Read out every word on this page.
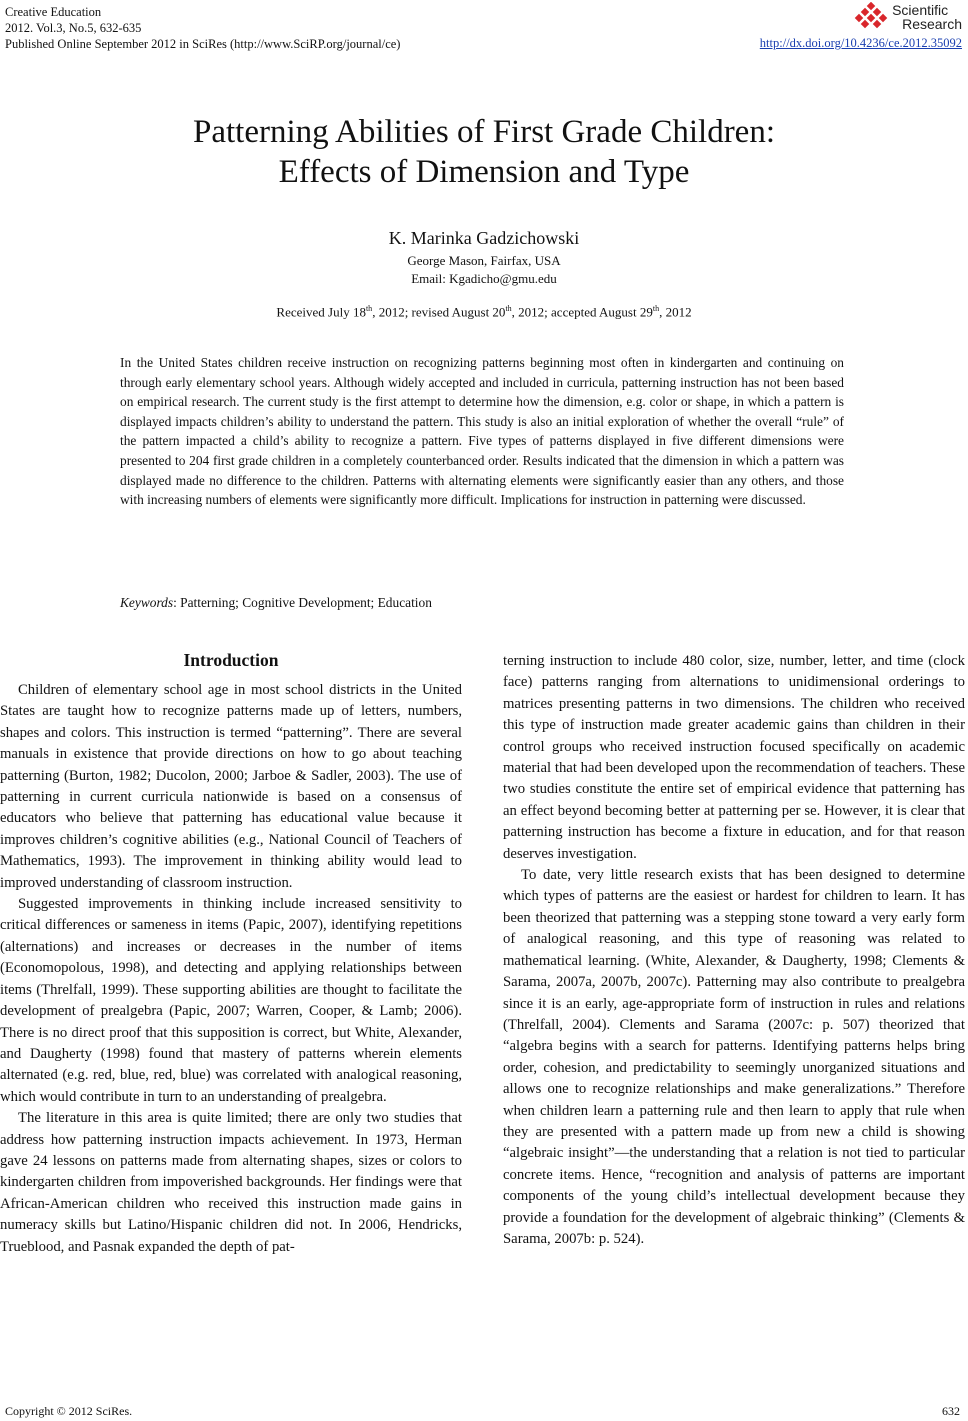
Creative Education
2012. Vol.3, No.5, 632-635
Published Online September 2012 in SciRes (http://www.SciRP.org/journal/ce)	http://dx.doi.org/10.4236/ce.2012.35092
Scientific
Research
Patterning Abilities of First Grade Children:
Effects of Dimension and Type
K. Marinka Gadzichowski
George Mason, Fairfax, USA
Email: Kgadicho@gmu.edu
Received July 18th, 2012; revised August 20th, 2012; accepted August 29th, 2012

In the United States children receive instruction on recognizing patterns beginning most often in kindergarten and continuing on through early elementary school years. Although widely accepted and included in curricula, patterning instruction has not been based on empirical research. The current study is the first attempt to determine how the dimension, e.g. color or shape, in which a pattern is displayed impacts children’s ability to understand the pattern. This study is also an initial exploration of whether the overall “rule” of the pattern impacted a child’s ability to recognize a pattern. Five types of patterns displayed in five different dimensions were presented to 204 first grade children in a completely counterbanced order. Results indicated that the dimension in which a pattern was displayed made no difference to the children. Patterns with alternating elements were significantly easier than any others, and those with increasing numbers of elements were significantly more difficult. Implications for instruction in patterning were discussed.

Keywords: Patterning; Cognitive Development; Education
Introduction

Children of elementary school age in most school districts in the United States are taught how to recognize patterns made up of letters, numbers, shapes and colors. This instruction is termed “patterning”. There are several manuals in existence that provide directions on how to go about teaching patterning (Burton, 1982; Ducolon, 2000; Jarboe & Sadler, 2003). The use of patterning in current curricula nationwide is based on a consensus of educators who believe that patterning has educational value because it improves children’s cognitive abilities (e.g., National Council of Teachers of Mathematics, 1993). The improvement in thinking ability would lead to improved understanding of classroom instruction.

Suggested improvements in thinking include increased sensitivity to critical differences or sameness in items (Papic, 2007), identifying repetitions (alternations) and increases or decreases in the number of items (Economopolous, 1998), and detecting and applying relationships between items (Threlfall, 1999). These supporting abilities are thought to facilitate the development of prealgebra (Papic, 2007; Warren, Cooper, & Lamb; 2006). There is no direct proof that this supposition is correct, but White, Alexander, and Daugherty (1998) found that mastery of patterns wherein elements alternated (e.g. red, blue, red, blue) was correlated with analogical reasoning, which would contribute in turn to an understanding of prealgebra.

The literature in this area is quite limited; there are only two studies that address how patterning instruction impacts achievement. In 1973, Herman gave 24 lessons on patterns made from alternating shapes, sizes or colors to kindergarten children from impoverished backgrounds. Her findings were that African-American children who received this instruction made gains in numeracy skills but Latino/Hispanic children did not. In 2006, Hendricks, Trueblood, and Pasnak expanded the depth of pat-

terning instruction to include 480 color, size, number, letter, and time (clock face) patterns ranging from alternations to unidimensional orderings to matrices presenting patterns in two dimensions. The children who received this type of instruction made greater academic gains than children in their control groups who received instruction focused specifically on academic material that had been developed upon the recommendation of teachers. These two studies constitute the entire set of empirical evidence that patterning has an effect beyond becoming better at patterning per se. However, it is clear that patterning instruction has become a fixture in education, and for that reason deserves investigation.

To date, very little research exists that has been designed to determine which types of patterns are the easiest or hardest for children to learn. It has been theorized that patterning was a stepping stone toward a very early form of analogical reasoning, and this type of reasoning was related to mathematical learning. (White, Alexander, & Daugherty, 1998; Clements & Sarama, 2007a, 2007b, 2007c). Patterning may also contribute to prealgebra since it is an early, age-appropriate form of instruction in rules and relations (Threlfall, 2004). Clements and Sarama (2007c: p. 507) theorized that “algebra begins with a search for patterns. Identifying patterns helps bring order, cohesion, and predictability to seemingly unorganized situations and allows one to recognize relationships and make generalizations.” Therefore when children learn a patterning rule and then learn to apply that rule when they are presented with a pattern made up from new a child is showing “algebraic insight”—the understanding that a relation is not tied to particular concrete items. Hence, “recognition and analysis of patterns are important components of the young child’s intellectual development because they provide a foundation for the development of algebraic thinking” (Clements & Sarama, 2007b: p. 524).

Copyright © 2012 SciRes.	632
